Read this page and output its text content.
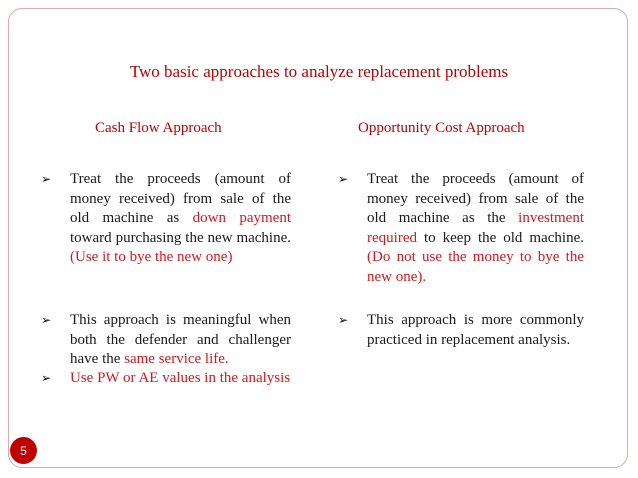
Two basic approaches to analyze replacement problems
Cash Flow Approach	Opportunity Cost Approach
➢ Treat the proceeds (amount of money received) from sale of the old machine as down payment toward purchasing the new machine. (Use it to bye the new one)
➢ This approach is meaningful when both the defender and challenger have the same service life.
➢ Use PW or AE values in the analysis
➢ Treat the proceeds (amount of money received) from sale of the old machine as the investment required to keep the old machine. (Do not use the money to bye the new one).
➢ This approach is more commonly practiced in replacement analysis.
5
